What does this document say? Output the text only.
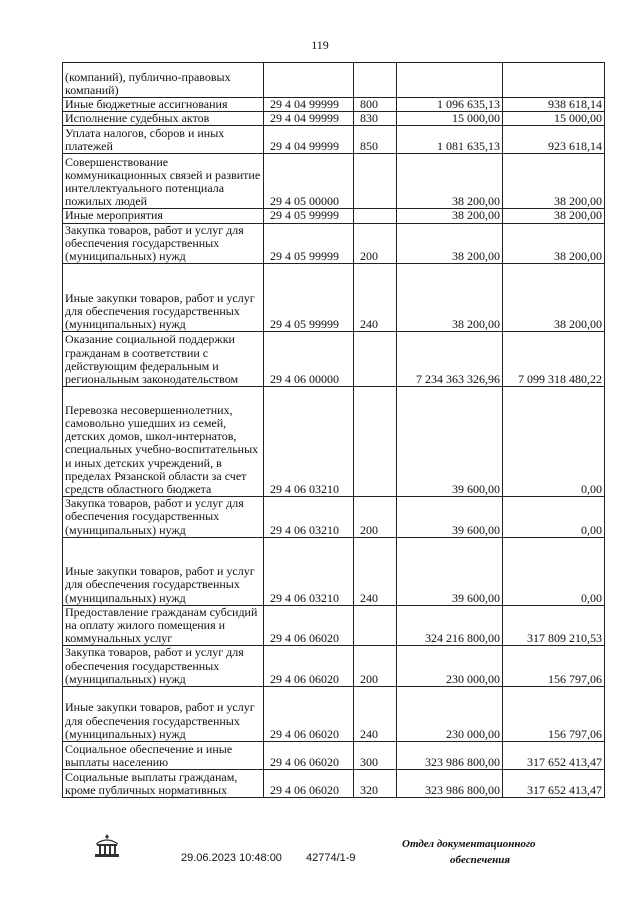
119
(компаний), публично-правовых компаний)				
Иные бюджетные ассигнования	29 4 04 99999	800	1 096 635,13	938 618,14
Исполнение судебных актов	29 4 04 99999	830	15 000,00	15 000,00
Уплата налогов, сборов и иных платежей	29 4 04 99999	850	1 081 635,13	923 618,14
Совершенствование коммуникационных связей и развитие интеллектуального потенциала пожилых людей	29 4 05 00000		38 200,00	38 200,00
Иные мероприятия	29 4 05 99999		38 200,00	38 200,00
Закупка товаров, работ и услуг для обеспечения государственных (муниципальных) нужд	29 4 05 99999	200	38 200,00	38 200,00
Иные закупки товаров, работ и услуг для обеспечения государственных (муниципальных) нужд	29 4 05 99999	240	38 200,00	38 200,00
Оказание социальной поддержки гражданам в соответствии с действующим федеральным и региональным законодательством	29 4 06 00000		7 234 363 326,96	7 099 318 480,22
Перевозка несовершеннолетних, самовольно ушедших из семей, детских домов, школ-интернатов, специальных учебно-воспитательных и иных детских учреждений, в пределах Рязанской области за счет средств областного бюджета	29 4 06 03210		39 600,00	0,00
Закупка товаров, работ и услуг для обеспечения государственных (муниципальных) нужд	29 4 06 03210	200	39 600,00	0,00
Иные закупки товаров, работ и услуг для обеспечения государственных (муниципальных) нужд	29 4 06 03210	240	39 600,00	0,00
Предоставление гражданам субсидий на оплату жилого помещения и коммунальных услуг	29 4 06 06020		324 216 800,00	317 809 210,53
Закупка товаров, работ и услуг для обеспечения государственных (муниципальных) нужд	29 4 06 06020	200	230 000,00	156 797,06
Иные закупки товаров, работ и услуг для обеспечения государственных (муниципальных) нужд	29 4 06 06020	240	230 000,00	156 797,06
Социальное обеспечение и иные выплаты населению	29 4 06 06020	300	323 986 800,00	317 652 413,47
Социальные выплаты гражданам, кроме публичных нормативных	29 4 06 06020	320	323 986 800,00	317 652 413,47
29.06.2023 10:48:00 42774/1-9
Отдел документационного
обеспечения
